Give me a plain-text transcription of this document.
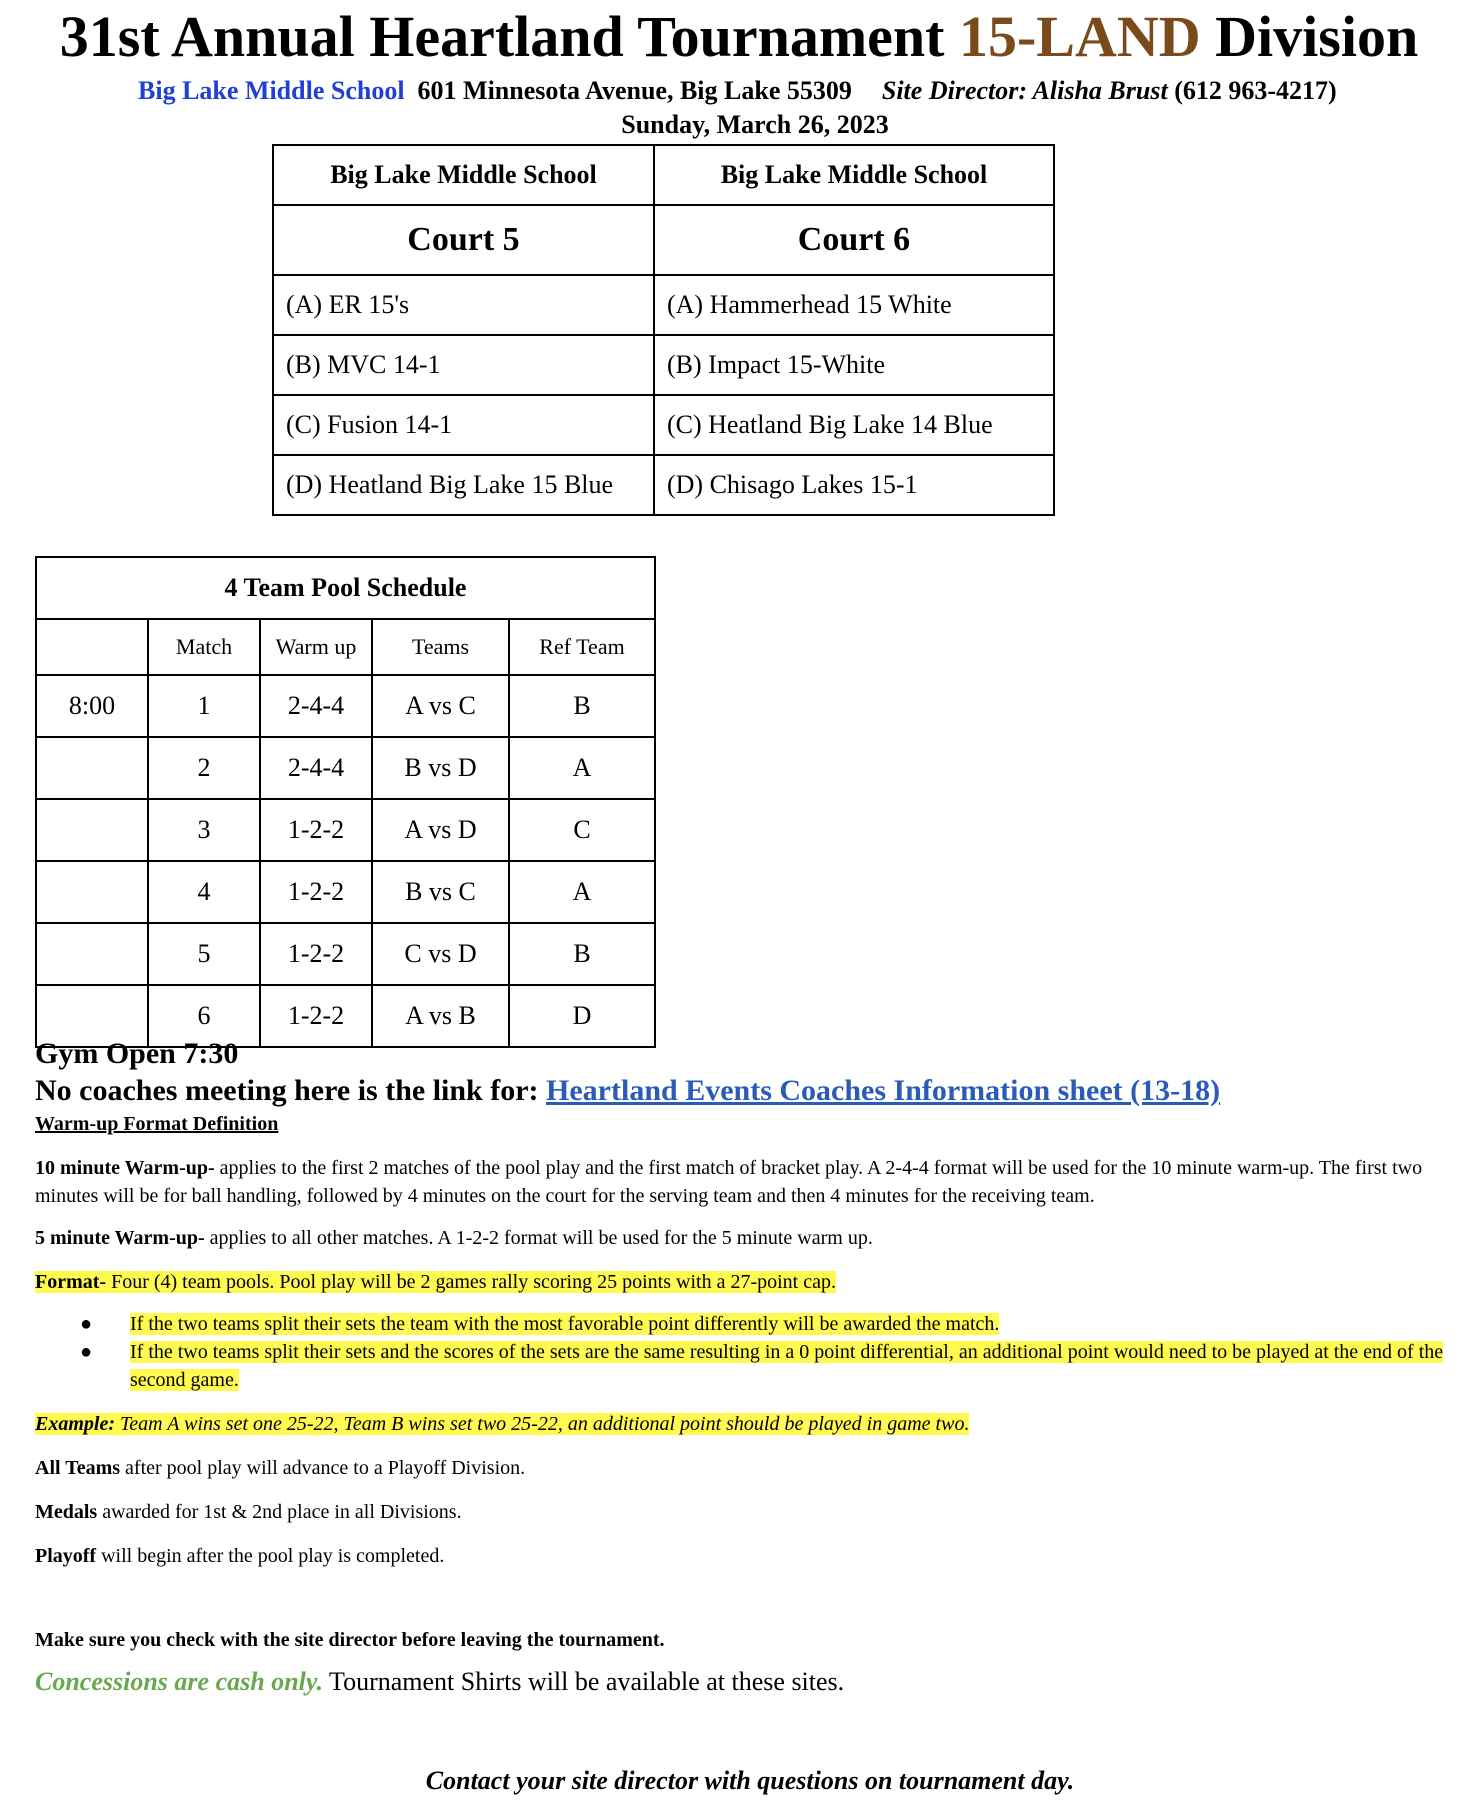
31st Annual Heartland Tournament 15-LAND Division
Big Lake Middle School 601 Minnesota Avenue, Big Lake 55309 Site Director: Alisha Brust (612 963-4217)
Sunday, March 26, 2023
Big Lake Middle School	Big Lake Middle School
Court 5	Court 6
(A) ER 15's	(A) Hammerhead 15 White
(B) MVC 14-1	(B) Impact 15-White
(C) Fusion 14-1	(C) Heatland Big Lake 14 Blue
(D) Heatland Big Lake 15 Blue	(D) Chisago Lakes 15-1
4 Team Pool Schedule				
	Match	Warm up	Teams	Ref Team
8:00	1	2-4-4	A vs C	B
	2	2-4-4	B vs D	A
	3	1-2-2	A vs D	C
	4	1-2-2	B vs C	A
	5	1-2-2	C vs D	B
	6	1-2-2	A vs B	D
Gym Open 7:30
No coaches meeting here is the link for: Heartland Events Coaches Information sheet (13-18)
Warm-up Format Definition
10 minute Warm-up- applies to the first 2 matches of the pool play and the first match of bracket play. A 2-4-4 format will be used for the 10 minute warm-up. The first two minutes will be for ball handling, followed by 4 minutes on the court for the serving team and then 4 minutes for the receiving team.
5 minute Warm-up- applies to all other matches. A 1-2-2 format will be used for the 5 minute warm up.
Format- Four (4) team pools. Pool play will be 2 games rally scoring 25 points with a 27-point cap.
● If the two teams split their sets the team with the most favorable point differently will be awarded the match.
● If the two teams split their sets and the scores of the sets are the same resulting in a 0 point differential, an additional point would need to be played at the end of the second game.
Example: Team A wins set one 25-22, Team B wins set two 25-22, an additional point should be played in game two.
All Teams after pool play will advance to a Playoff Division.
Medals awarded for 1st & 2nd place in all Divisions.
Playoff will begin after the pool play is completed.
Make sure you check with the site director before leaving the tournament.
Concessions are cash only. Tournament Shirts will be available at these sites.
Contact your site director with questions on tournament day.
